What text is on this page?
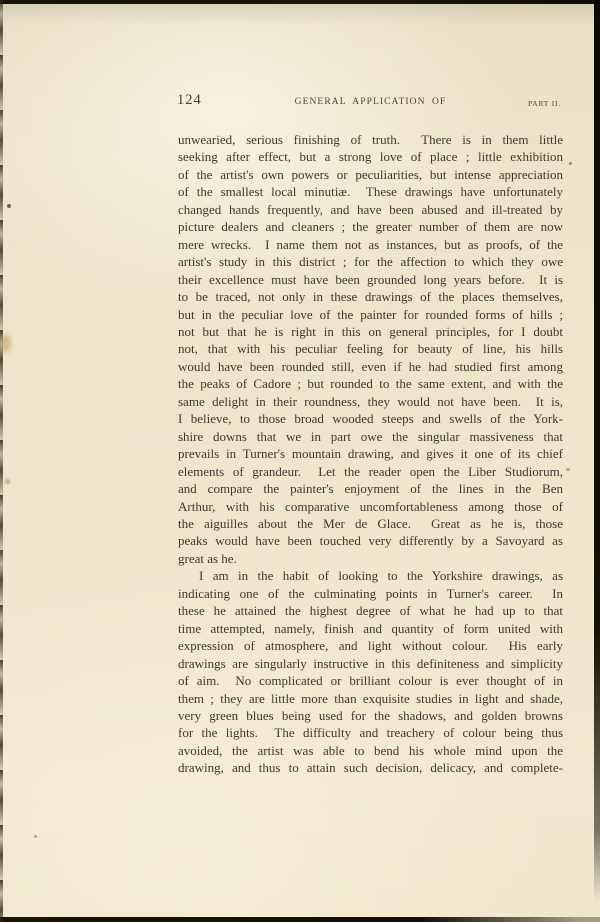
124	GENERAL APPLICATION OF	PART II.
unwearied, serious finishing of truth.  There is in them little
seeking after effect, but a strong love of place ; little exhibition
of the artist's own powers or peculiarities, but intense appreciation
of the smallest local minutiæ.  These drawings have unfortunately
changed hands frequently, and have been abused and ill-treated by
picture dealers and cleaners ; the greater number of them are now
mere wrecks.  I name them not as instances, but as proofs, of the
artist's study in this district ; for the affection to which they owe
their excellence must have been grounded long years before.  It is
to be traced, not only in these drawings of the places themselves,
but in the peculiar love of the painter for rounded forms of hills ;
not but that he is right in this on general principles, for I doubt
not, that with his peculiar feeling for beauty of line, his hills
would have been rounded still, even if he had studied first among
the peaks of Cadore ; but rounded to the same extent, and with the
same delight in their roundness, they would not have been.  It is,
I believe, to those broad wooded steeps and swells of the York-
shire downs that we in part owe the singular massiveness that
prevails in Turner's mountain drawing, and gives it one of its chief
elements of grandeur.  Let the reader open the Liber Studiorum,
and compare the painter's enjoyment of the lines in the Ben
Arthur, with his comparative uncomfortableness among those of
the aiguilles about the Mer de Glace.  Great as he is, those
peaks would have been touched very differently by a Savoyard as
great as he.
I am in the habit of looking to the Yorkshire drawings, as
indicating one of the culminating points in Turner's career.  In
these he attained the highest degree of what he had up to that
time attempted, namely, finish and quantity of form united with
expression of atmosphere, and light without colour.  His early
drawings are singularly instructive in this definiteness and simplicity
of aim.  No complicated or brilliant colour is ever thought of in
them ; they are little more than exquisite studies in light and shade,
very green blues being used for the shadows, and golden browns
for the lights.  The difficulty and treachery of colour being thus
avoided, the artist was able to bend his whole mind upon the
drawing, and thus to attain such decision, delicacy, and complete-
